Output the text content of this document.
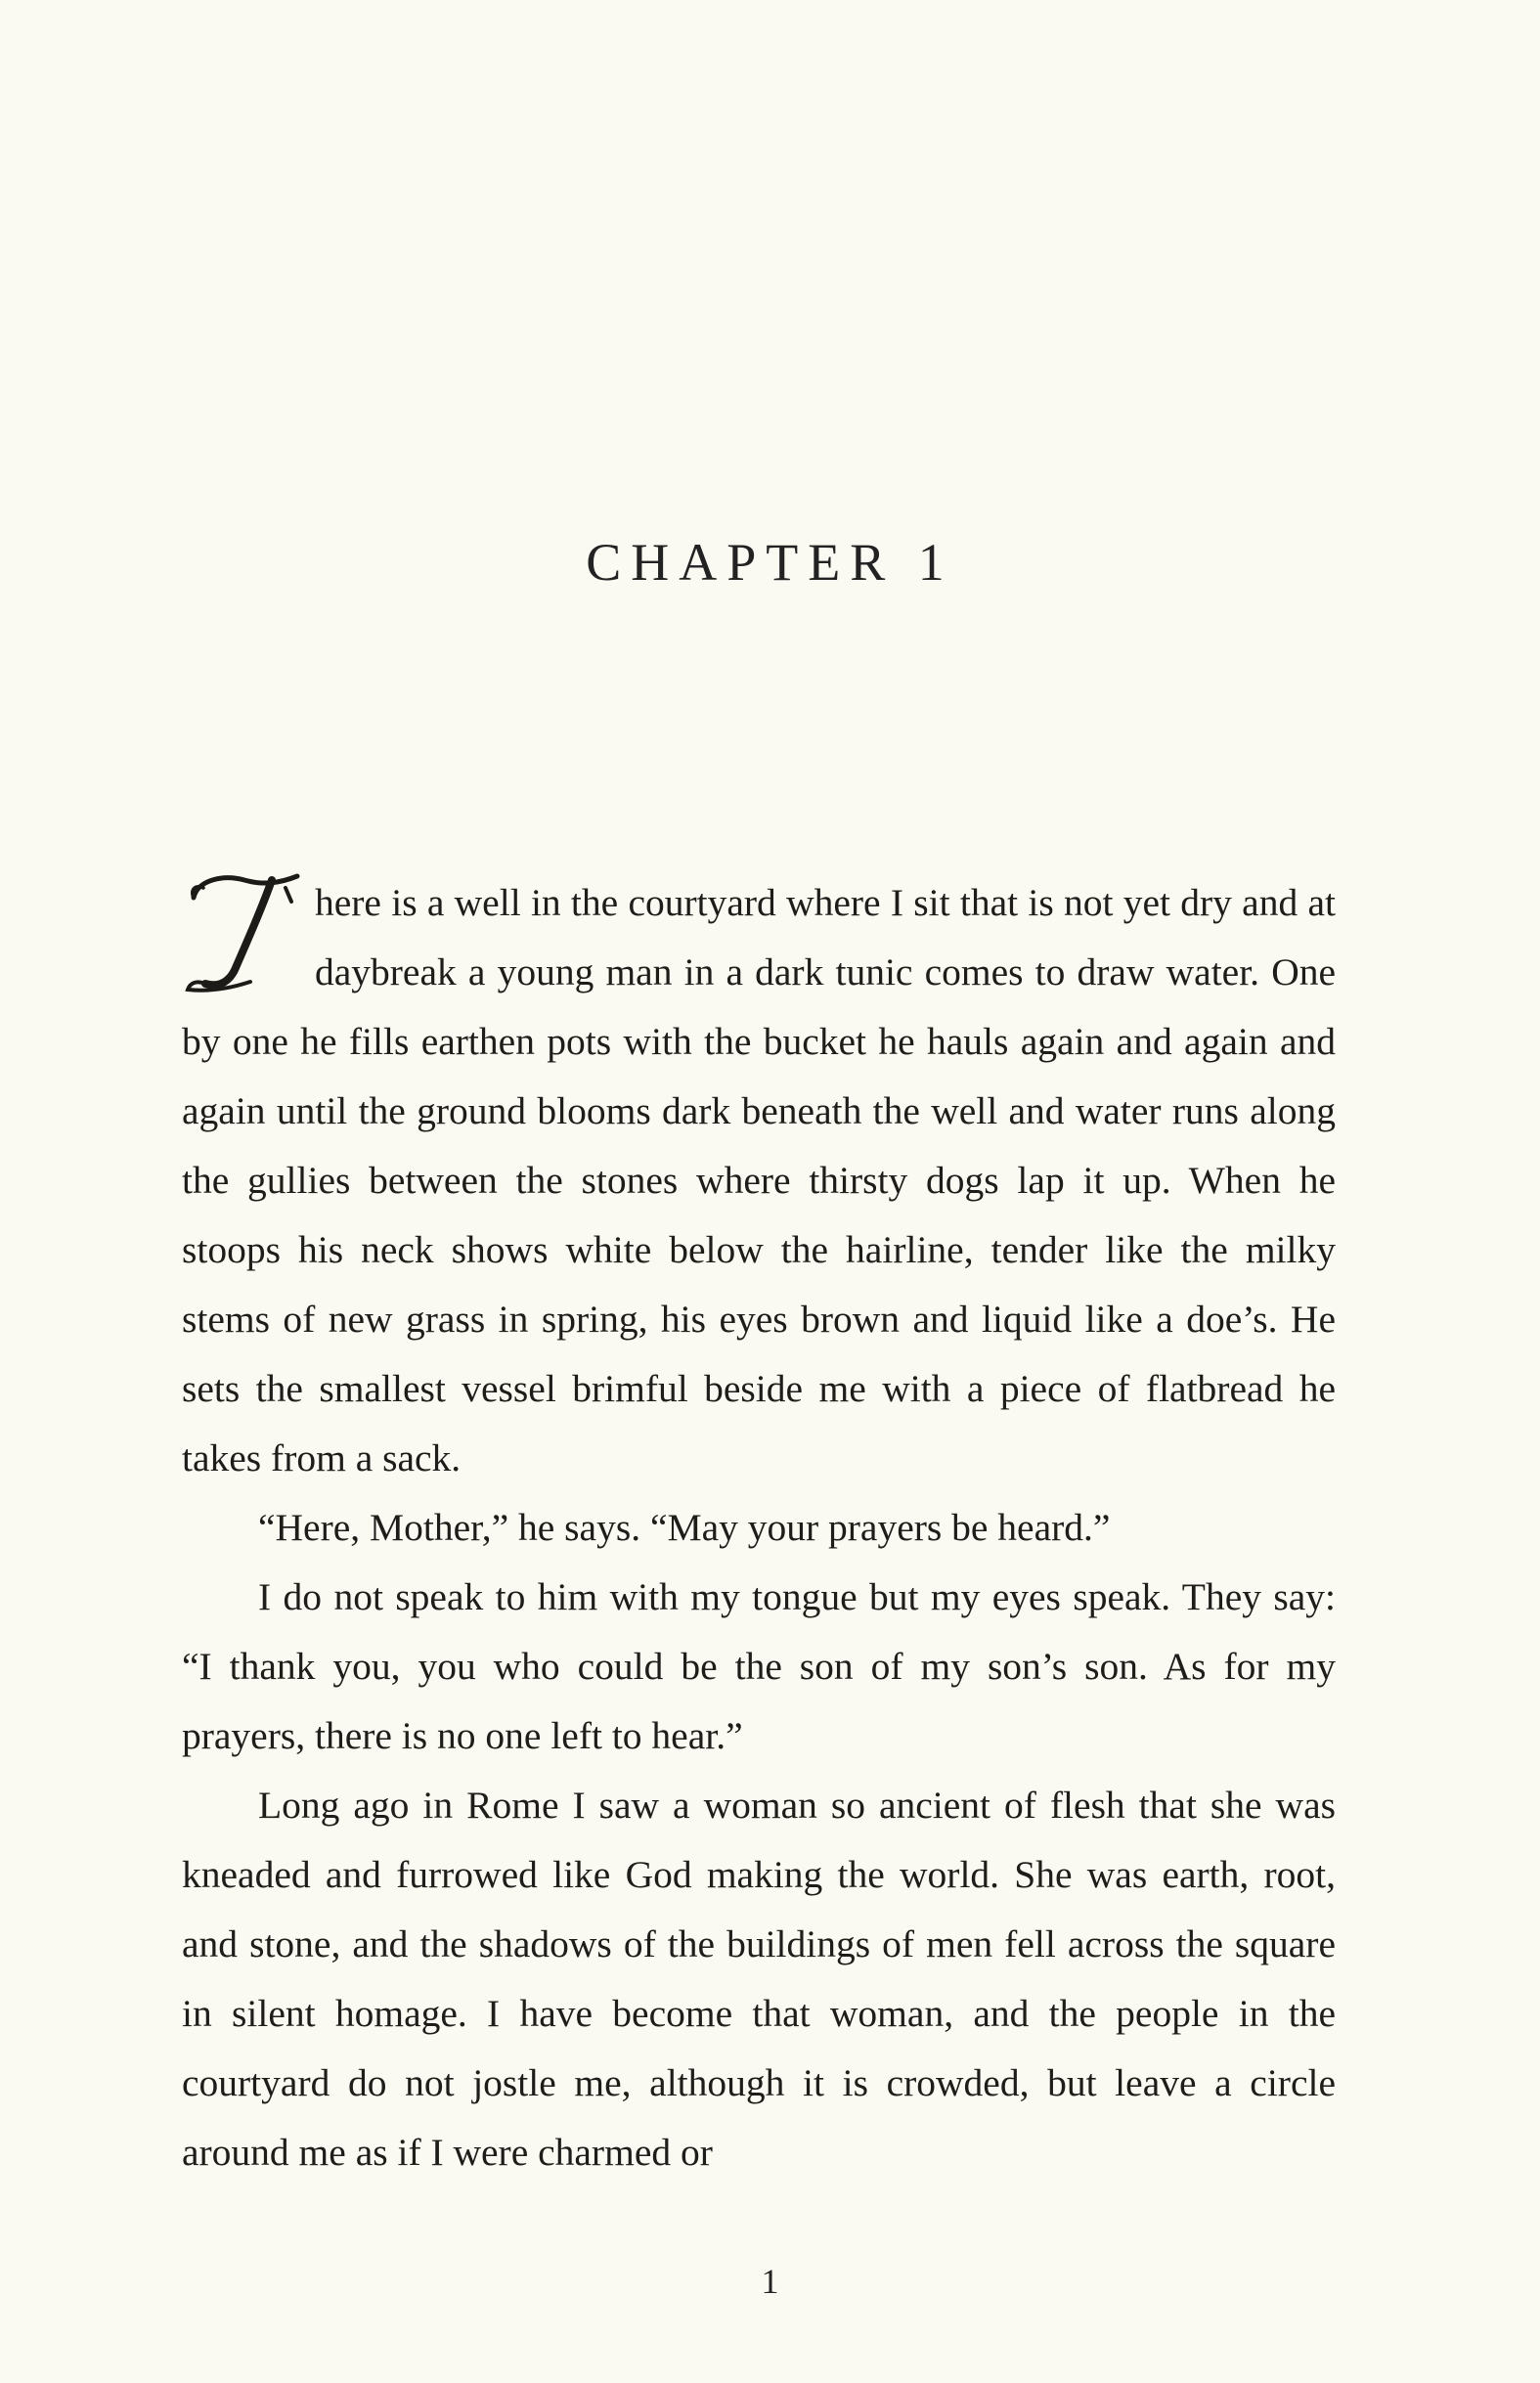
CHAPTER 1

here is a well in the courtyard where I sit that is not yet dry and at daybreak a young man in a dark tunic comes to draw water. One by one he fills earthen pots with the bucket he hauls again and again and again until the ground blooms dark beneath the well and water runs along the gullies between the stones where thirsty dogs lap it up. When he stoops his neck shows white below the hairline, tender like the milky stems of new grass in spring, his eyes brown and liquid like a doe’s. He sets the smallest vessel brimful beside me with a piece of flatbread he takes from a sack.

“Here, Mother,” he says. “May your prayers be heard.”

I do not speak to him with my tongue but my eyes speak. They say: “I thank you, you who could be the son of my son’s son. As for my prayers, there is no one left to hear.”

Long ago in Rome I saw a woman so ancient of flesh that she was kneaded and furrowed like God making the world. She was earth, root, and stone, and the shadows of the buildings of men fell across the square in silent homage. I have become that woman, and the people in the courtyard do not jostle me, although it is crowded, but leave a circle around me as if I were charmed or

1
